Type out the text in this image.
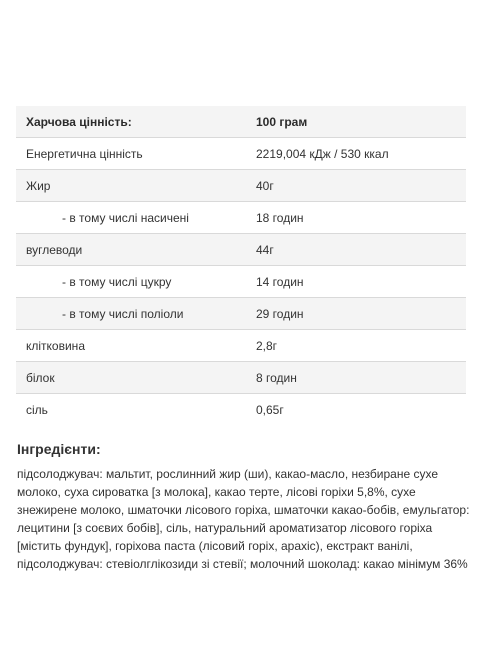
Харчова цінність:	100 грам
Енергетична цінність	2219,004 кДж / 530 ккал
Жир	40г
- в тому числі насичені	18 годин
вуглеводи	44г
- в тому числі цукру	14 годин
- в тому числі поліоли	29 годин
клітковина	2,8г
білок	8 годин
сіль	0,65г
Інгредієнти:
підсолоджувач: мальтит, рослинний жир (ши), какао-масло, незбиране сухе молоко, суха сироватка [з молока], какао терте, лісові горіхи 5,8%, сухе знежирене молоко, шматочки лісового горіха, шматочки какао-бобів, емульгатор: лецитини [з соєвих бобів], сіль, натуральний ароматизатор лісового горіха [містить фундук], горіхова паста (лісовий горіх, арахіс), екстракт ванілі, підсолоджувач: стевіолглікозиди зі стевії; молочний шоколад: какао мінімум 36%
